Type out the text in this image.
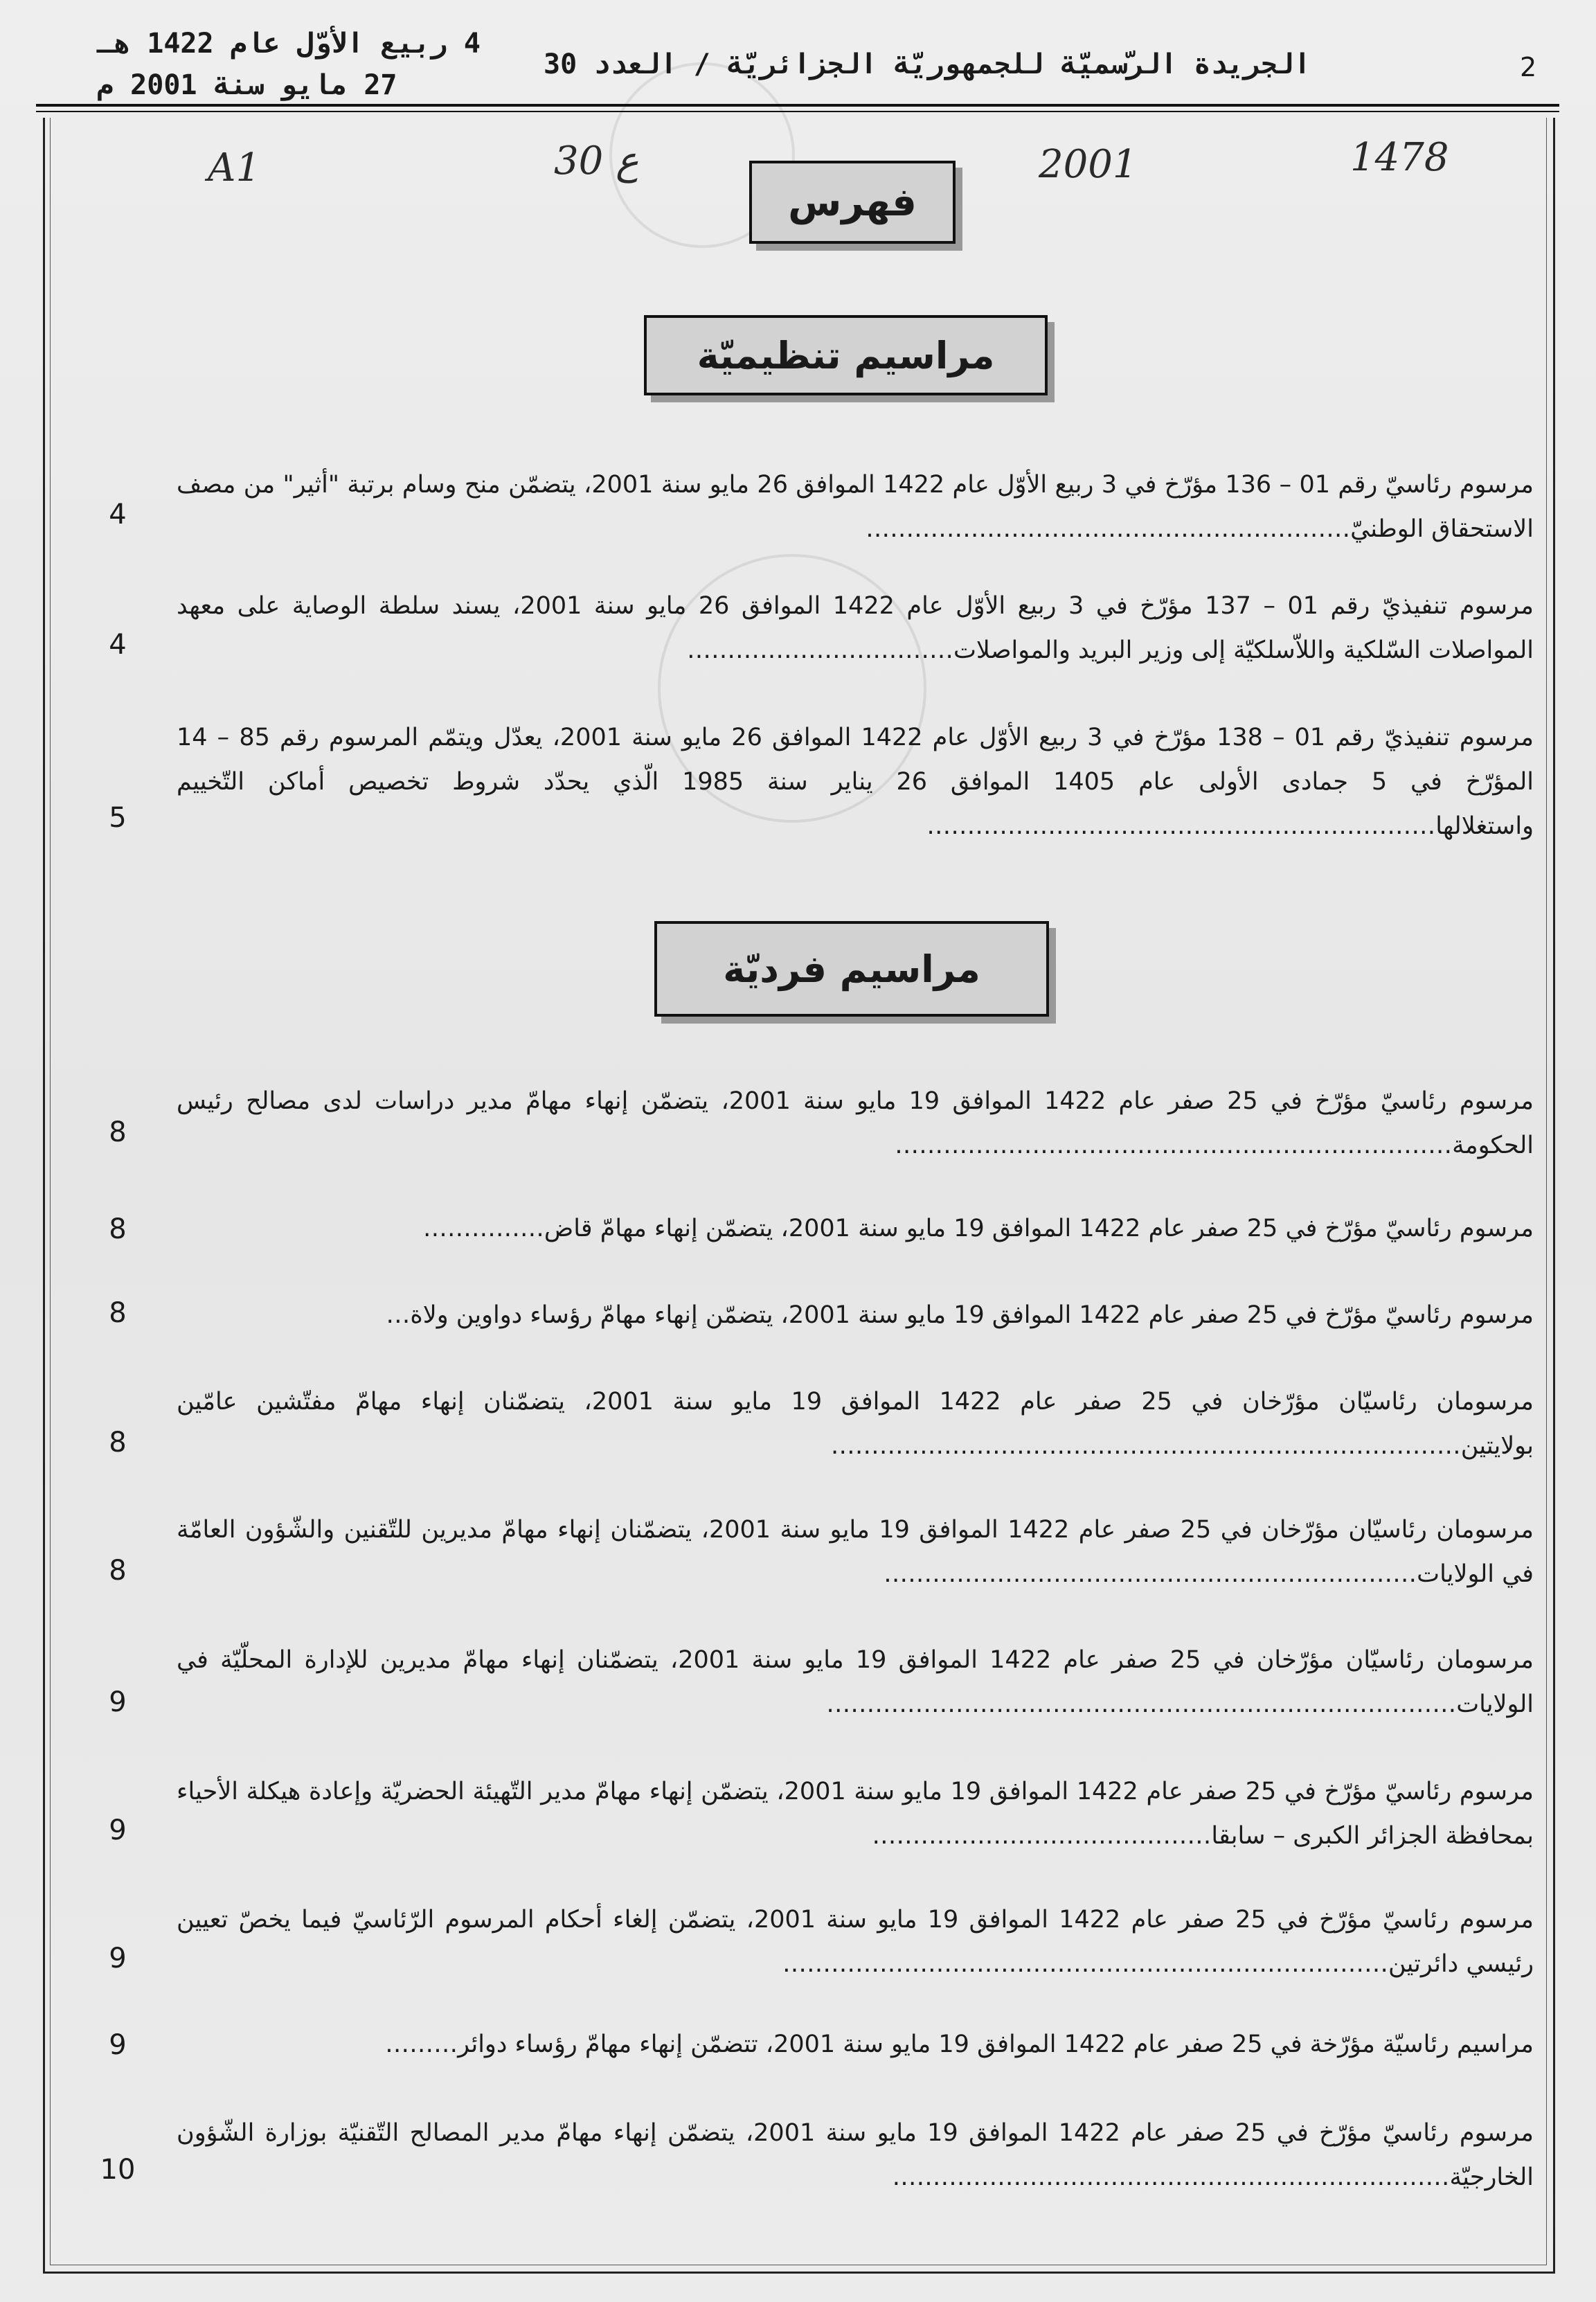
2
الجريدة الرّسميّة للجمهوريّة الجزائريّة / العدد 30
4 ربيع الأوّل عام 1422 هـ
27 مايو سنة 2001 م
A1	30 ع	2001	1478
فهرس
مراسيم تنظيميّة
مراسيم فرديّة
مرسوم رئاسيّ رقم 01 – 136 مؤرّخ في 3 ربيع الأوّل عام 1422 الموافق 26 مايو سنة 2001، يتضمّن منح وسام برتبة "أثير" من مصف الاستحقاق الوطنيّ……………………………………………………
4
مرسوم تنفيذيّ رقم 01 – 137 مؤرّخ في 3 ربيع الأوّل عام 1422 الموافق 26 مايو سنة 2001، يسند سلطة الوصاية على معهد المواصلات السّلكية واللاّسلكيّة إلى وزير البريد والمواصلات……………………………
4
مرسوم تنفيذيّ رقم 01 – 138 مؤرّخ في 3 ربيع الأوّل عام 1422 الموافق 26 مايو سنة 2001، يعدّل ويتمّم المرسوم رقم 85 – 14 المؤرّخ في 5 جمادى الأولى عام 1405 الموافق 26 يناير سنة 1985 الّذي يحدّد شروط تخصيص أماكن التّخييم واستغلالها………………………………………………………
5
مرسوم رئاسيّ مؤرّخ في 25 صفر عام 1422 الموافق 19 مايو سنة 2001، يتضمّن إنهاء مهامّ مدير دراسات لدى مصالح رئيس الحكومة……………………………………………………………
8
مرسوم رئاسيّ مؤرّخ في 25 صفر عام 1422 الموافق 19 مايو سنة 2001، يتضمّن إنهاء مهامّ قاض……………
8
مرسوم رئاسيّ مؤرّخ في 25 صفر عام 1422 الموافق 19 مايو سنة 2001، يتضمّن إنهاء مهامّ رؤساء دواوين ولاة…
8
مرسومان رئاسيّان مؤرّخان في 25 صفر عام 1422 الموافق 19 مايو سنة 2001، يتضمّنان إنهاء مهامّ مفتّشين عامّين بولايتين……………………………………………………………………
8
مرسومان رئاسيّان مؤرّخان في 25 صفر عام 1422 الموافق 19 مايو سنة 2001، يتضمّنان إنهاء مهامّ مديرين للتّقنين والشّؤون العامّة في الولايات…………………………………………………………
8
مرسومان رئاسيّان مؤرّخان في 25 صفر عام 1422 الموافق 19 مايو سنة 2001، يتضمّنان إنهاء مهامّ مديرين للإدارة المحلّيّة في الولايات……………………………………………………………………
9
مرسوم رئاسيّ مؤرّخ في 25 صفر عام 1422 الموافق 19 مايو سنة 2001، يتضمّن إنهاء مهامّ مدير التّهيئة الحضريّة وإعادة هيكلة الأحياء بمحافظة الجزائر الكبرى – سابقا……………………………………
9
مرسوم رئاسيّ مؤرّخ في 25 صفر عام 1422 الموافق 19 مايو سنة 2001، يتضمّن إلغاء أحكام المرسوم الرّئاسيّ فيما يخصّ تعيين رئيسي دائرتين…………………………………………………………………
9
مراسيم رئاسيّة مؤرّخة في 25 صفر عام 1422 الموافق 19 مايو سنة 2001، تتضمّن إنهاء مهامّ رؤساء دوائر………
9
مرسوم رئاسيّ مؤرّخ في 25 صفر عام 1422 الموافق 19 مايو سنة 2001، يتضمّن إنهاء مهامّ مدير المصالح التّقنيّة بوزارة الشّؤون الخارجيّة……………………………………………………………
10
